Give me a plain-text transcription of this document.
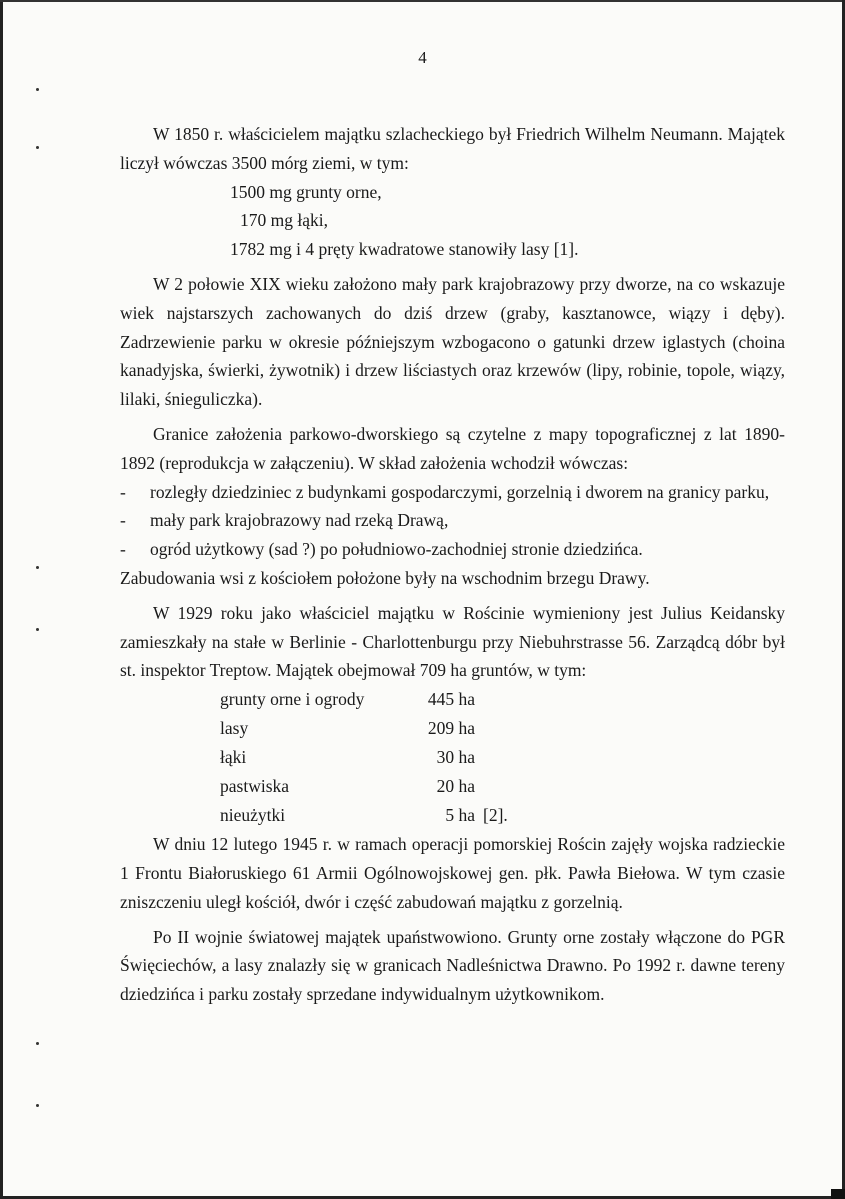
4

W 1850 r. właścicielem majątku szlacheckiego był Friedrich Wilhelm Neumann. Majątek liczył wówczas 3500 mórg ziemi, w tym:

1500 mg grunty orne,
170 mg łąki,
1782 mg i 4 pręty kwadratowe stanowiły lasy [1].

W 2 połowie XIX wieku założono mały park krajobrazowy przy dworze, na co wskazuje wiek najstarszych zachowanych do dziś drzew (graby, kasztanowce, wiązy i dęby). Zadrzewienie parku w okresie późniejszym wzbogacono o gatunki drzew iglastych (choina kanadyjska, świerki, żywotnik) i drzew liściastych oraz krzewów (lipy, robinie, topole, wiązy, lilaki, śnieguliczka).

Granice założenia parkowo-dworskiego są czytelne z mapy topograficznej z lat 1890-1892 (reprodukcja w załączeniu). W skład założenia wchodził wówczas:

- rozległy dziedziniec z budynkami gospodarczymi, gorzelnią i dworem na granicy parku,
- mały park krajobrazowy nad rzeką Drawą,
- ogród użytkowy (sad ?) po południowo-zachodniej stronie dziedzińca.

Zabudowania wsi z kościołem położone były na wschodnim brzegu Drawy.

W 1929 roku jako właściciel majątku w Rościnie wymieniony jest Julius Keidansky zamieszkały na stałe w Berlinie - Charlottenburgu przy Niebuhrstrasse 56. Zarządcą dóbr był st. inspektor Treptow. Majątek obejmował 709 ha gruntów, w tym:

grunty orne i ogrody	445 ha	
lasy	209 ha	
łąki	30 ha	
pastwiska	20 ha	
nieużytki	5 ha	[2].

W dniu 12 lutego 1945 r. w ramach operacji pomorskiej Rościn zajęły wojska radzieckie 1 Frontu Białoruskiego 61 Armii Ogólnowojskowej gen. płk. Pawła Biełowa. W tym czasie zniszczeniu uległ kościół, dwór i część zabudowań majątku z gorzelnią.

Po II wojnie światowej majątek upaństwowiono. Grunty orne zostały włączone do PGR Święciechów, a lasy znalazły się w granicach Nadleśnictwa Drawno. Po 1992 r. dawne tereny dziedzińca i parku zostały sprzedane indywidualnym użytkownikom.
